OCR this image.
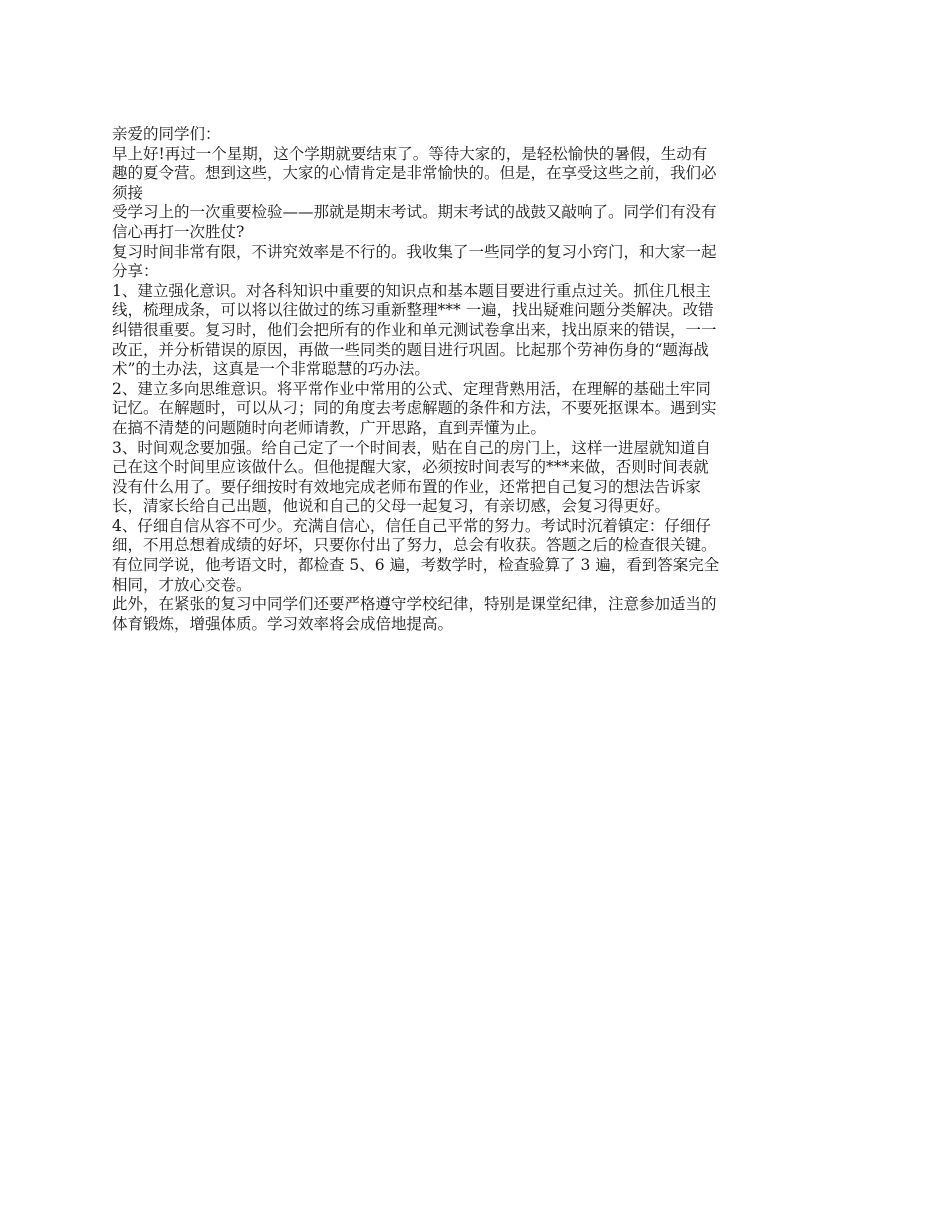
亲爱的同学们：
早上好!再过一个星期，这个学期就要结束了。等待大家的，是轻松愉快的暑假，生动有
趣的夏令营。想到这些，大家的心情肯定是非常愉快的。但是，在享受这些之前，我们必
须接
受学习上的一次重要检验——那就是期末考试。期末考试的战鼓又敲响了。同学们有没有
信心再打一次胜仗?
复习时间非常有限，不讲究效率是不行的。我收集了一些同学的复习小窍门，和大家一起
分享：
1、建立强化意识。对各科知识中重要的知识点和基本题目要进行重点过关。抓住几根主
线，梳理成条，可以将以往做过的练习重新整理*** 一遍，找出疑难问题分类解决。改错
纠错很重要。复习时，他们会把所有的作业和单元测试卷拿出来，找出原来的错误，一一
改正，并分析错误的原因，再做一些同类的题目进行巩固。比起那个劳神伤身的“题海战
术”的土办法，这真是一个非常聪慧的巧办法。
2、建立多向思维意识。将平常作业中常用的公式、定理背熟用活，在理解的基础土牢同
记忆。在解题时，可以从刁；同的角度去考虑解题的条件和方法，不要死抠课本。遇到实
在搞不清楚的问题随时向老师请教，广开思路，直到弄懂为止。
3、时间观念要加强。给自己定了一个时间表，贴在自己的房门上，这样一进屋就知道自
己在这个时间里应该做什么。但他提醒大家，必须按时间表写的***来做，否则时间表就
没有什么用了。要仔细按时有效地完成老师布置的作业，还常把自己复习的想法告诉家
长，清家长给自己出题，他说和自己的父母一起复习，有亲切感，会复习得更好。
4、仔细自信从容不可少。充满自信心，信任自己平常的努力。考试时沉着镇定：仔细仔
细，不用总想着成绩的好坏，只要你付出了努力，总会有收获。答题之后的检查很关键。
有位同学说，他考语文时，都检查 5、6 遍，考数学时，检查验算了 3 遍，看到答案完全
相同，才放心交卷。
此外，在紧张的复习中同学们还要严格遵守学校纪律，特别是课堂纪律，注意参加适当的
体育锻炼，增强体质。学习效率将会成倍地提高。
